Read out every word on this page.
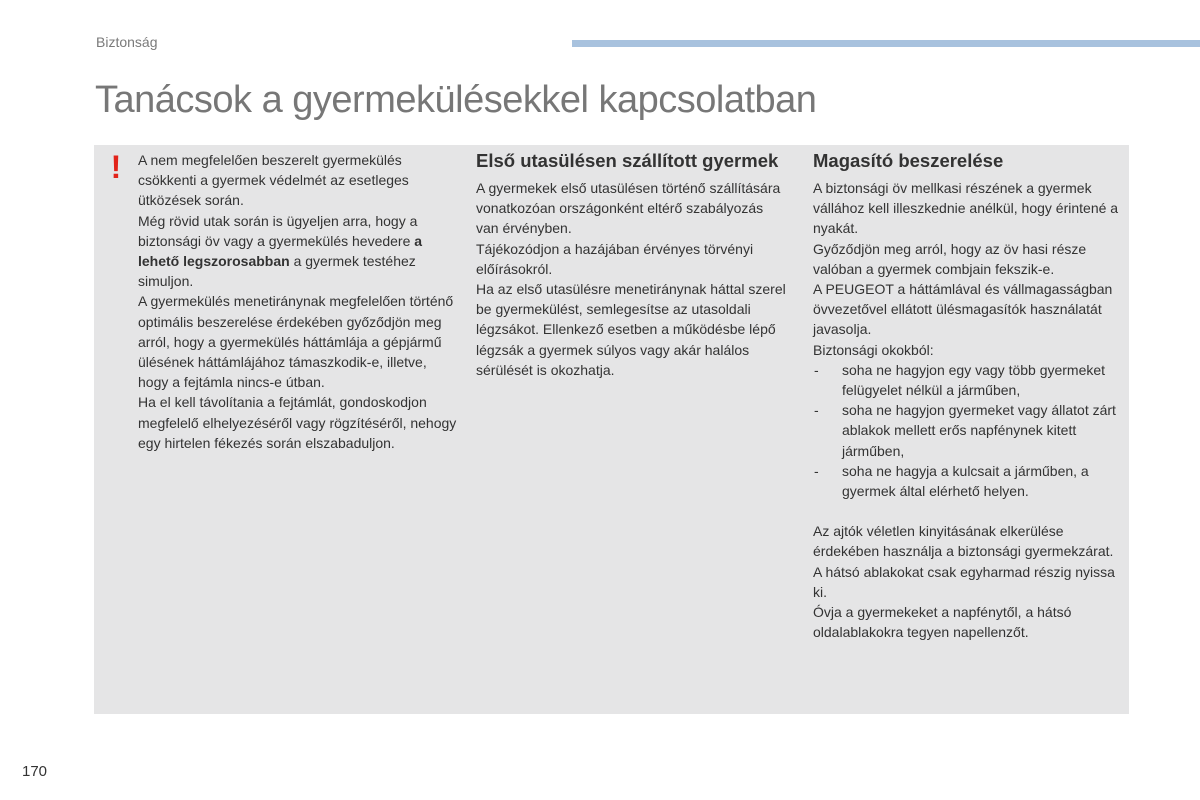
Biztonság
Tanácsok a gyermekülésekkel kapcsolatban
!	A nem megfelelően beszerelt gyermekülés csökkenti a gyermek védelmét az esetleges ütközések során.

Még rövid utak során is ügyeljen arra, hogy a biztonsági öv vagy a gyermekülés hevedere a lehető legszorosabban a gyermek testéhez simuljon.

A gyermekülés menetiránynak megfelelően történő optimális beszerelése érdekében győződjön meg arról, hogy a gyermekülés háttámlája a gépjármű ülésének háttámlájához támaszkodik-e, illetve, hogy a fejtámla nincs-e útban.

Ha el kell távolítania a fejtámlát, gondoskodjon megfelelő elhelyezéséről vagy rögzítéséről, nehogy egy hirtelen fékezés során elszabaduljon.

Első utasülésen szállított gyermek

A gyermekek első utasülésen történő szállítására vonatkozóan országonként eltérő szabályozás van érvényben.

Tájékozódjon a hazájában érvényes törvényi előírásokról.

Ha az első utasülésre menetiránynak háttal szerel be gyermekülést, semlegesítse az utasoldali légzsákot. Ellenkező esetben a működésbe lépő légzsák a gyermek súlyos vagy akár halálos sérülését is okozhatja.

Magasító beszerelése

A biztonsági öv mellkasi részének a gyermek vállához kell illeszkednie anélkül, hogy érintené a nyakát.

Győződjön meg arról, hogy az öv hasi része valóban a gyermek combjain fekszik-e.

A PEUGEOT a háttámlával és vállmagasságban övvezetővel ellátott ülésmagasítók használatát javasolja.

Biztonsági okokból:

- soha ne hagyjon egy vagy több gyermeket felügyelet nélkül a járműben,
- soha ne hagyjon gyermeket vagy állatot zárt ablakok mellett erős napfénynek kitett járműben,
- soha ne hagyja a kulcsait a járműben, a gyermek által elérhető helyen.

Az ajtók véletlen kinyitásának elkerülése érdekében használja a biztonsági gyermekzárat.

A hátsó ablakokat csak egyharmad részig nyissa ki.

Óvja a gyermekeket a napfénytől, a hátsó oldalablakokra tegyen napellenzőt.

170
